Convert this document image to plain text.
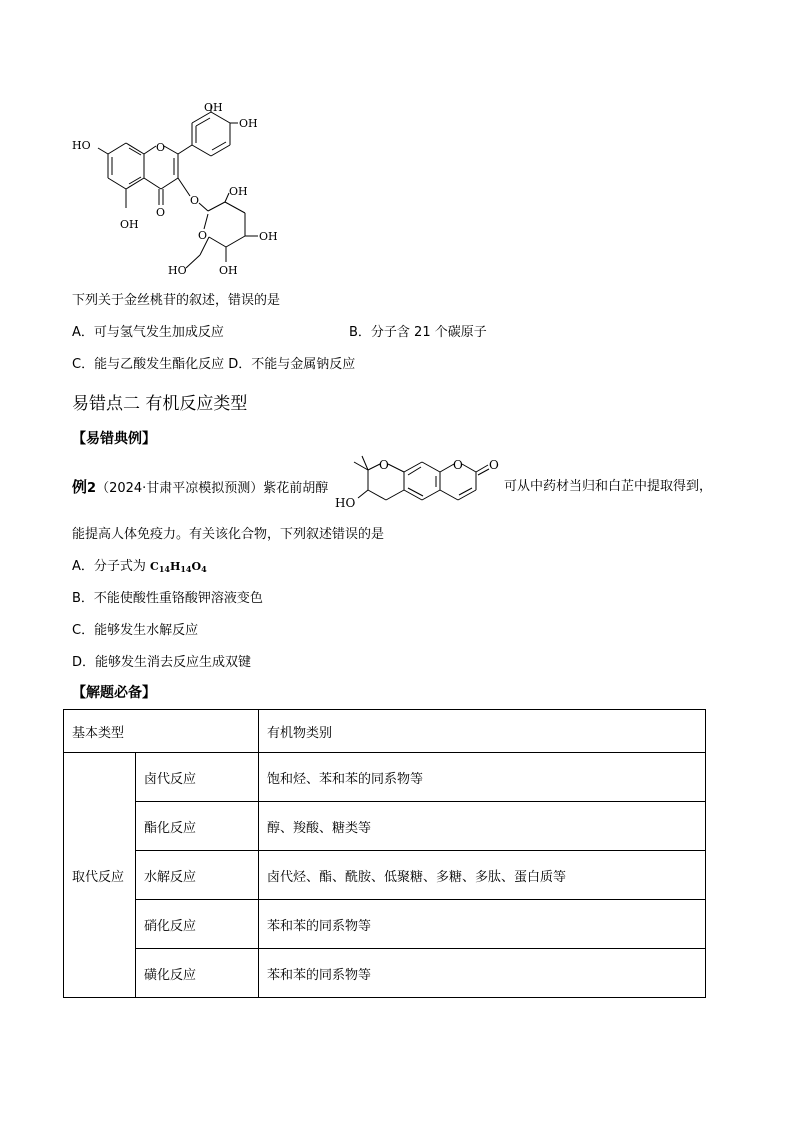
OH
OH
HO	O
O
OH
O
OH
OH
OH
HO
O
下列关于金丝桃苷的叙述，错误的是
A．可与氢气发生加成反应	B．分子含 21 个碳原子
C．能与乙酸发生酯化反应 D．不能与金属钠反应
易错点二 有机反应类型
【易错典例】
例2（2024·甘肃平凉模拟预测）紫花前胡醇
O	O O
HO
可从中药材当归和白芷中提取得到，
能提高人体免疫力。有关该化合物，下列叙述错误的是
A．分子式为 $C_{14}H_{14}O_4$
B．不能使酸性重铬酸钾溶液变色
C．能够发生水解反应
D．能够发生消去反应生成双键
【解题必备】
基本类型		有机物类别
取代反应	卤代反应	饱和烃、苯和苯的同系物等
	酯化反应	醇、羧酸、糖类等
	水解反应	卤代烃、酯、酰胺、低聚糖、多糖、多肽、蛋白质等
	硝化反应	苯和苯的同系物等
	磺化反应	苯和苯的同系物等
